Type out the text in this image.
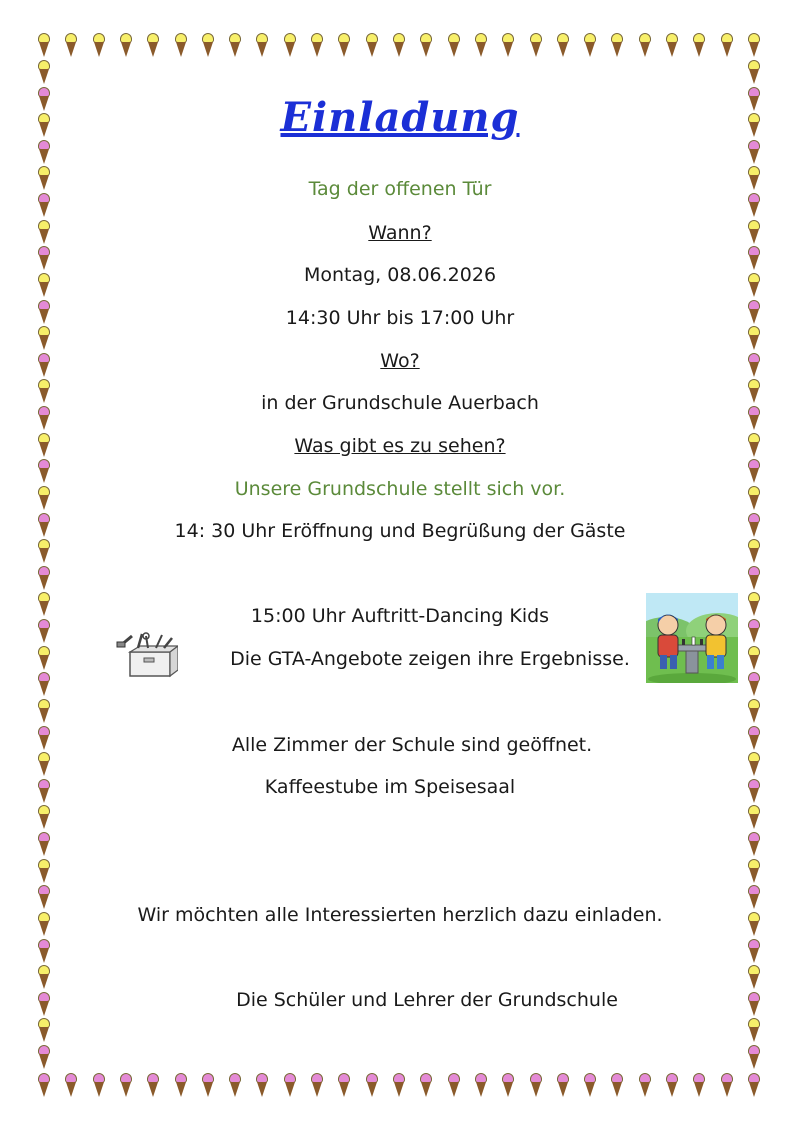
Einladung
Tag der offenen Tür
Wann?
Montag, 08.06.2026
14:30 Uhr bis 17:00 Uhr
Wo?
in der Grundschule Auerbach
Was gibt es zu sehen?
Unsere Grundschule stellt sich vor.
14: 30 Uhr Eröffnung und Begrüßung der Gäste
15:00 Uhr Auftritt-Dancing Kids
Die GTA-Angebote zeigen ihre Ergebnisse.
Alle Zimmer der Schule sind geöffnet.
Kaffeestube im Speisesaal
Wir möchten alle Interessierten herzlich dazu einladen.
Die Schüler und Lehrer der Grundschule
